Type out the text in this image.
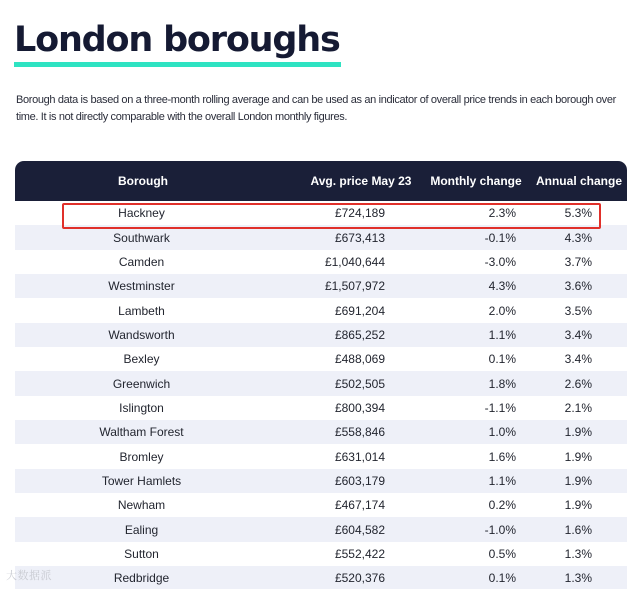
London boroughs

Borough data is based on a three-month rolling average and can be used as an indicator of overall price trends in each borough over time. It is not directly comparable with the overall London monthly figures.

Borough	Avg. price May 23	Monthly change	Annual change
Hackney	£724,189	2.3%	5.3%
Southwark	£673,413	-0.1%	4.3%
Camden	£1,040,644	-3.0%	3.7%
Westminster	£1,507,972	4.3%	3.6%
Lambeth	£691,204	2.0%	3.5%
Wandsworth	£865,252	1.1%	3.4%
Bexley	£488,069	0.1%	3.4%
Greenwich	£502,505	1.8%	2.6%
Islington	£800,394	-1.1%	2.1%
Waltham Forest	£558,846	1.0%	1.9%
Bromley	£631,014	1.6%	1.9%
Tower Hamlets	£603,179	1.1%	1.9%
Newham	£467,174	0.2%	1.9%
Ealing	£604,582	-1.0%	1.6%
Sutton	£552,422	0.5%	1.3%
Redbridge	£520,376	0.1%	1.3%
大数据派
